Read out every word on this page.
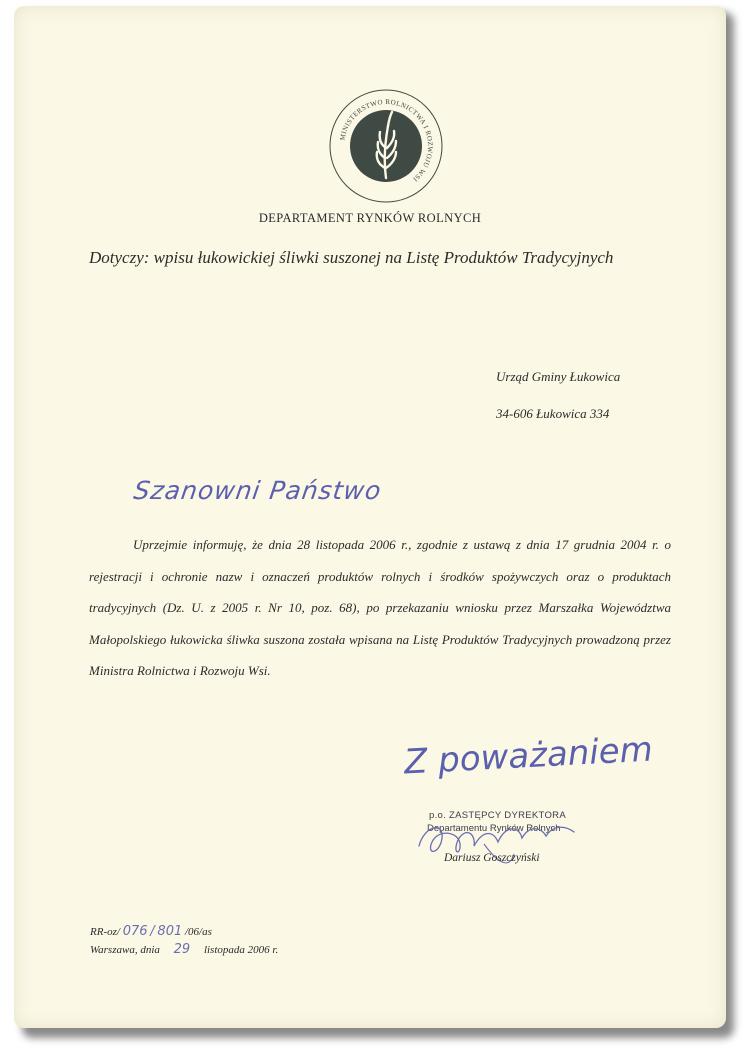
MINISTERSTWO ROLNICTWA I ROZWOJU WSI
DEPARTAMENT RYNKÓW ROLNYCH
Dotyczy: wpisu łukowickiej śliwki suszonej na Listę Produktów Tradycyjnych
Urząd Gminy Łukowica
34-606 Łukowica 334
Szanowni Państwo
Uprzejmie informuję, że dnia 28 listopada 2006 r., zgodnie z ustawą z dnia 17 grudnia 2004 r. o rejestracji i ochronie nazw i oznaczeń produktów rolnych i środków spożywczych oraz o produktach tradycyjnych (Dz. U. z 2005 r. Nr 10, poz. 68), po przekazaniu wniosku przez Marszałka Województwa Małopolskiego łukowicka śliwka suszona została wpisana na Listę Produktów Tradycyjnych prowadzoną przez Ministra Rolnictwa i Rozwoju Wsi.
Z poważaniem
p.o. ZASTĘPCY DYREKTORA
Departamentu Rynków Rolnych
Dariusz Goszczyński
RR-oz/ 076 / 801 /06/as
Warszawa, dnia 29 listopada 2006 r.
